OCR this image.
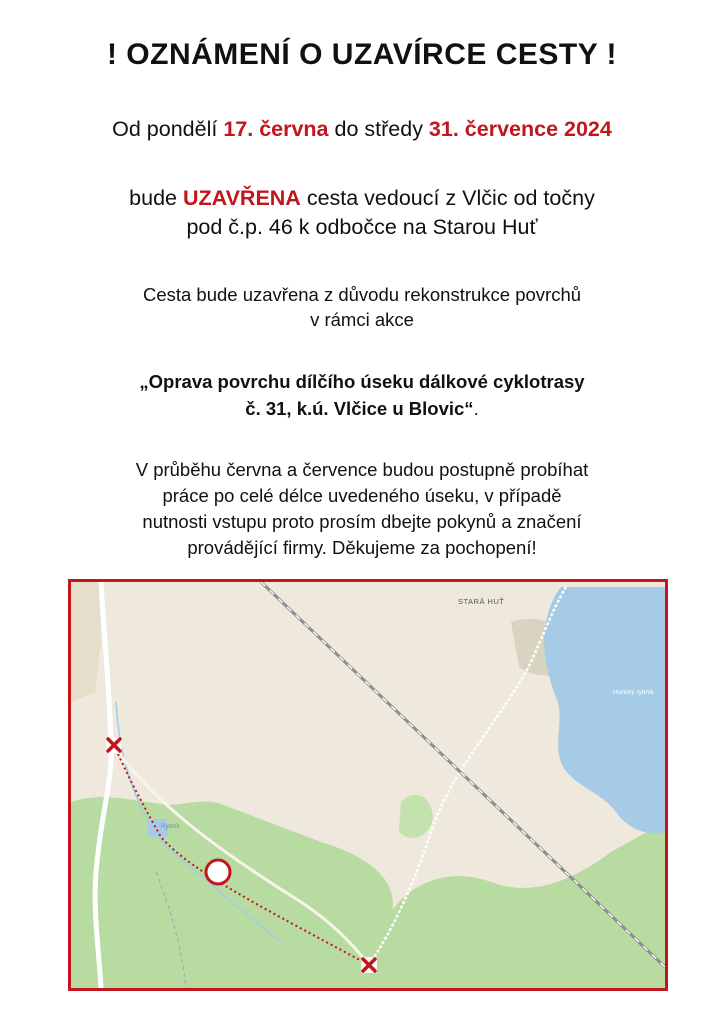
! OZNÁMENÍ O UZAVÍRCE CESTY !
Od pondělí 17. června do středy 31. července 2024
bude UZAVŘENA cesta vedoucí z Vlčic od točny
pod č.p. 46 k odbočce na Starou Huť
Cesta bude uzavřena z důvodu rekonstrukce povrchů
v rámci akce
„Oprava povrchu dílčího úseku dálkové cyklotrasy
č. 31, k.ú. Vlčice u Blovic“.
V průběhu června a července budou postupně probíhat
práce po celé délce uvedeného úseku, v případě
nutnosti vstupu proto prosím dbejte pokynů a značení
provádějící firmy. Děkujeme za pochopení!
Hořický rybník
Rybník
STARÁ HUŤ
